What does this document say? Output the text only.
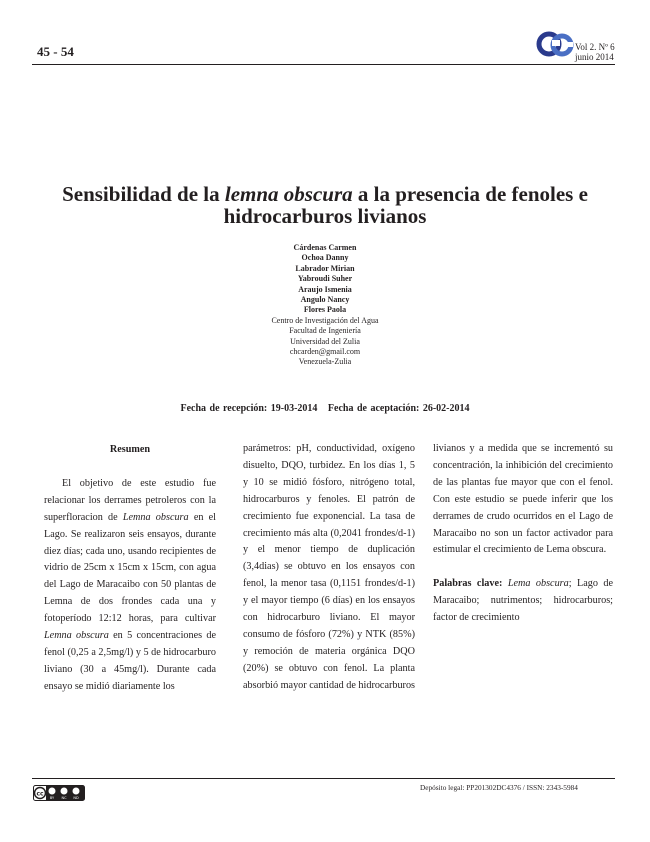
45 - 54	Vol 2. Nº 6
junio 2014
Sensibilidad de la lemna obscura a la presencia de fenoles e hidrocarburos livianos
Cárdenas Carmen
Ochoa Danny
Labrador Mirian
Yabroudi Suher
Araujo Ismenia
Angulo Nancy
Flores Paola
Centro de Investigación del Agua
Facultad de Ingeniería
Universidad del Zulia
chcarden@gmail.com
Venezuela-Zulia
Fecha de recepción: 19-03-2014 Fecha de aceptación: 26-02-2014

Resumen

El objetivo de este estudio fue relacionar los derrames petroleros con la superfloracion de Lemna obscura en el Lago. Se realizaron seis ensayos, durante diez días; cada uno, usando recipientes de vidrio de 25cm x 15cm x 15cm, con agua del Lago de Maracaibo con 50 plantas de Lemna de dos frondes cada una y fotoperíodo 12:12 horas, para cultivar Lemna obscura en 5 concentraciones de fenol (0,25 a 2,5mg/l) y 5 de hidrocarburo liviano (30 a 45mg/l). Durante cada ensayo se midió diariamente los

parámetros: pH, conductividad, oxígeno disuelto, DQO, turbidez. En los días 1, 5 y 10 se midió fósforo, nitrógeno total, hidrocarburos y fenoles. El patrón de crecimiento fue exponencial. La tasa de crecimiento más alta (0,2041 frondes/d-1) y el menor tiempo de duplicación (3,4dias) se obtuvo en los ensayos con fenol, la menor tasa (0,1151 frondes/d-1) y el mayor tiempo (6 días) en los ensayos con hidrocarburo liviano. El mayor consumo de fósforo (72%) y NTK (85%) y remoción de materia orgánica DQO (20%) se obtuvo con fenol. La planta absorbió mayor cantidad de hidrocarburos

livianos y a medida que se incrementó su concentración, la inhibición del crecimiento de las plantas fue mayor que con el fenol. Con este estudio se puede inferir que los derrames de crudo ocurridos en el Lago de Maracaibo no son un factor activador para estimular el crecimiento de Lema obscura.

Palabras clave: Lema obscura; Lago de Maracaibo; nutrimentos; hidrocarburos; factor de crecimiento

cc
BY NC ND
Depósito legal: PP201302DC4376 / ISSN: 2343-5984
